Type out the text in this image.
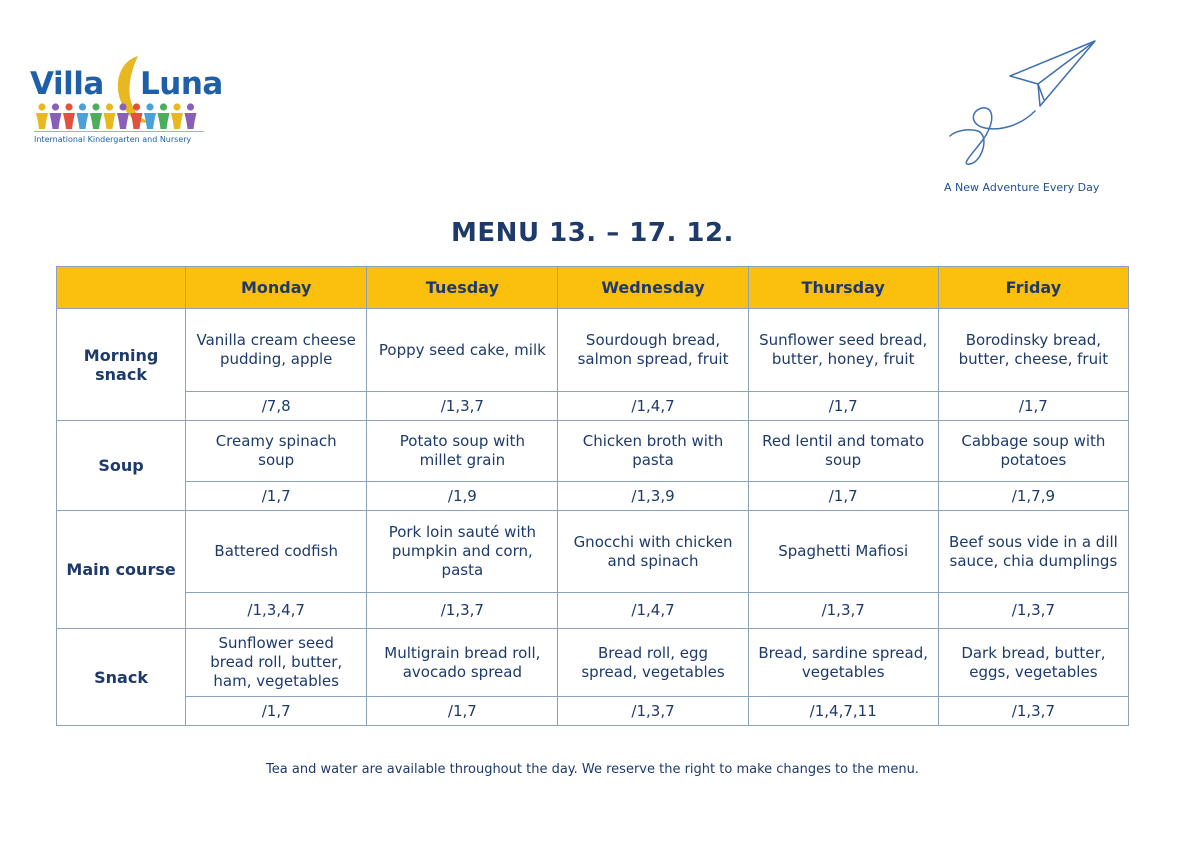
Villa Luna
International Kindergarten and Nursery
A New Adventure Every Day
MENU 13. – 17. 12.
	Monday	Tuesday	Wednesday	Thursday	Friday
Morning
snack	Vanilla cream cheese
pudding, apple	Poppy seed cake, milk	Sourdough bread,
salmon spread, fruit	Sunflower seed bread,
butter, honey, fruit	Borodinsky bread,
butter, cheese, fruit
	/7,8	/1,3,7	/1,4,7	/1,7	/1,7
Soup	Creamy spinach
soup	Potato soup with
millet grain	Chicken broth with
pasta	Red lentil and tomato
soup	Cabbage soup with
potatoes
	/1,7	/1,9	/1,3,9	/1,7	/1,7,9
Main course	Battered codfish	Pork loin sauté with
pumpkin and corn,
pasta	Gnocchi with chicken
and spinach	Spaghetti Mafiosi	Beef sous vide in a dill
sauce, chia dumplings
	/1,3,4,7	/1,3,7	/1,4,7	/1,3,7	/1,3,7
Snack	Sunflower seed
bread roll, butter,
ham, vegetables	Multigrain bread roll,
avocado spread	Bread roll, egg
spread, vegetables	Bread, sardine spread,
vegetables	Dark bread, butter,
eggs, vegetables
	/1,7	/1,7	/1,3,7	/1,4,7,11	/1,3,7
Tea and water are available throughout the day. We reserve the right to make changes to the menu.
